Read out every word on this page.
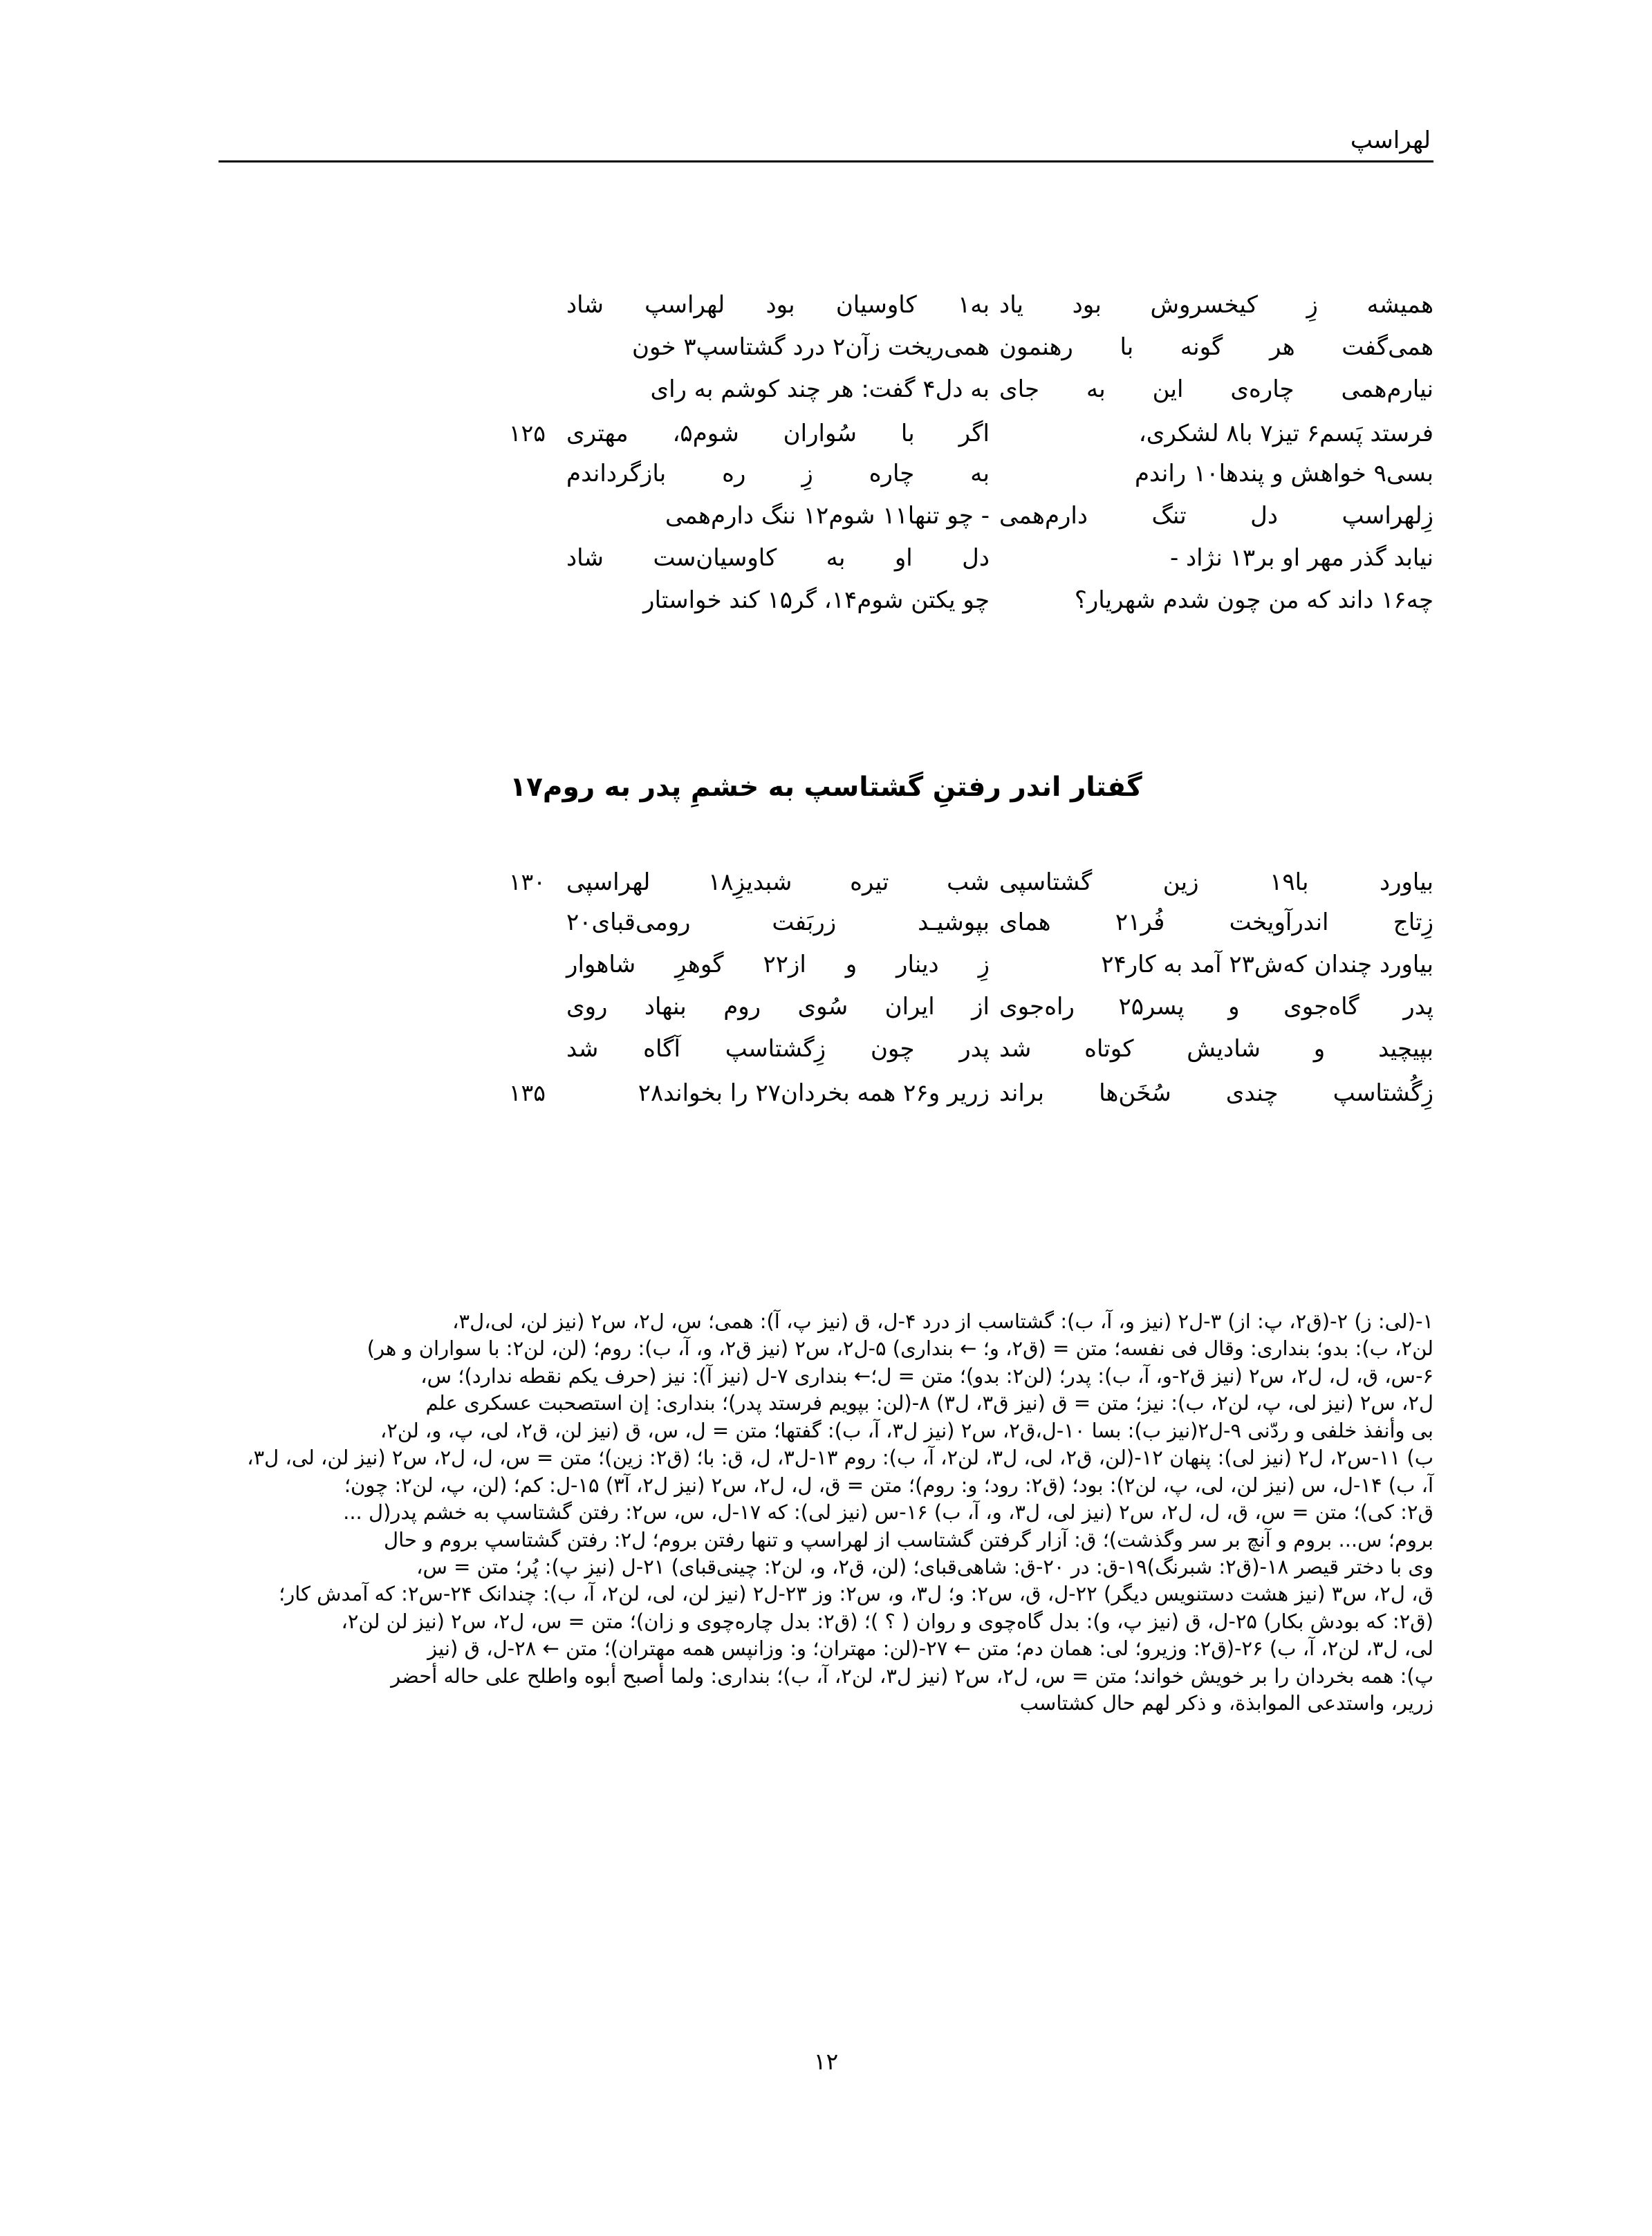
لهراسپ
همیشه
زِ
کیخسروش
بود
یاد
به۱
کاوسیان
بود
لهراسپ
شاد
همی‌گفت
هر
گونه
با
رهنمون
همی‌ریخت زآن۲ درد گشتاسپ۳ خون
نیارم‌همی
چاره‌ی
این
به
جای
به دل۴ گفت: هر چند کوشم به رای
فرستد پَسم۶ تیز۷ با۸ لشکری،
اگر
با
سُواران
شوم۵،
مهتری
۱۲۵
بسی۹ خواهش و پندها۱۰ راندم
به
چاره
زِ
ره
بازگرداندم
زِلهراسپ
دل
تنگ
دارم‌همی
- چو تنها۱۱ شوم۱۲ ننگ دارم‌همی
نیابد گذر مهر او بر۱۳ نژاد -
دل
او
به
کاوسیان‌ست
شاد
چه۱۶ داند که من چون شدم شهریار؟
چو یکتن شوم۱۴، گر۱۵ کند خواستار
گفتار اندر رفتنِ گشتاسپ به خشمِ پدر به روم۱۷
بیاورد
با۱۹
زین
گشتاسپی
شب
تیره
شبدیزِ۱۸
لهراسپی
۱۳۰
زِتاج
اندرآویخت
فُر۲۱
همای
بپوشیـد
زربَفت
رومی‌قبای۲۰
بیاورد چندان که‌ش۲۳ آمد به کار۲۴
زِ
دینار
و
از۲۲
گوهرِ
شاهوار
پدر
گاه‌جوی
و
پسر۲۵
راه‌جوی
از
ایران
سُوی
روم
بنهاد
روی
بپیچید
و
شادیش
کوتاه
شد
پدر
چون
زِگشتاسپ
آگاه
شد
زِگُشتاسپ
چندی
سُخَن‌ها
براند
زریر و۲۶ همه بخردان۲۷ را بخواند۲۸
۱۳۵

۱-(لی: ز) ۲-(ق۲، پ: از) ۳-ل۲ (نیز و، آ، ب): گشتاسب از درد ۴-ل، ق (نیز پ، آ): همی؛ س، ل۲، س۲ (نیز لن، لی،ل۳،

لن۲، ب): بدو؛ بنداری: وقال فی نفسه؛ متن = (ق۲، و؛ ← بنداری) ۵-ل۲، س۲ (نیز ق۲، و، آ، ب): روم؛ (لن، لن۲: با سواران و هر)

۶-س، ق، ل، ل۲، س۲ (نیز ق۲-و، آ، ب): پدر؛ (لن۲: بدو)؛ متن = ل؛← بنداری ۷-ل (نیز آ): نیز (حرف یکم نقطه ندارد)؛ س،

ل۲، س۲ (نیز لی، پ، لن۲، ب): نیز؛ متن = ق (نیز ق۳، ل۳) ۸-(لن: بپویم فرستد پدر)؛ بنداری: إن استصحبت عسکری علم

بی وأنفذ خلفی و ردّنی ۹-ل۲(نیز ب): بسا ۱۰-ل،ق۲، س۲ (نیز ل۳، آ، ب): گفتها؛ متن = ل، س، ق (نیز لن، ق۲، لی، پ، و، لن۲،

ب) ۱۱-س۲، ل۲ (نیز لی): پنهان ۱۲-(لن، ق۲، لی، ل۳، لن۲، آ، ب): روم ۱۳-ل۳، ل، ق: با؛ (ق۲: زین)؛ متن = س، ل، ل۲، س۲ (نیز لن، لی، ل۳،

آ، ب) ۱۴-ل، س (نیز لن، لی، پ، لن۲): بود؛ (ق۲: رود؛ و: روم)؛ متن = ق، ل، ل۲، س۲ (نیز ل۲، آ۳) ۱۵-ل: کم؛ (لن، پ، لن۲: چون؛

ق۲: کی)؛ متن = س، ق، ل، ل۲، س۲ (نیز لی، ل۳، و، آ، ب) ۱۶-س (نیز لی): که ۱۷-ل، س، س۲: رفتن گشتاسپ به خشم پدر(ل ...

بروم؛ س... بروم و آنچ بر سر وگذشت)؛ ق: آزار گرفتن گشتاسب از لهراسپ و تنها رفتن بروم؛ ل۲: رفتن گشتاسپ بروم و حال

وی با دختر قیصر ۱۸-(ق۲: شبرنگ)۱۹-ق: در ۲۰-ق: شاهی‌قبای؛ (لن، ق۲، و، لن۲: چینی‌قبای) ۲۱-ل (نیز پ): پُر؛ متن = س،

ق، ل۲، س۳ (نیز هشت دستنویس دیگر) ۲۲-ل، ق، س۲: و؛ ل۳، و، س۲: وز ۲۳-ل۲ (نیز لن، لی، لن۲، آ، ب): چندانک ۲۴-س۲: که آمدش کار؛

(ق۲: که بودش بکار) ۲۵-ل، ق (نیز پ، و): بدل گاه‌چوی و روان ( ؟ )؛ (ق۲: بدل چاره‌چوی و زان)؛ متن = س، ل۲، س۲ (نیز لن لن۲،

لی، ل۳، لن۲، آ، ب) ۲۶-(ق۲: وزیرو؛ لی: همان دم؛ متن ← ۲۷-(لن: مهتران؛ و: وزانپس همه مهتران)؛ متن ← ۲۸-ل، ق (نیز

پ): همه بخردان را بر خویش خواند؛ متن = س، ل۲، س۲ (نیز ل۳، لن۲، آ، ب)؛ بنداری: ولما أصبح أبوه واطلح علی حاله أحضر

زریر، واستدعی الموابذة، و ذکر لهم حال کشتاسب

۱۲
